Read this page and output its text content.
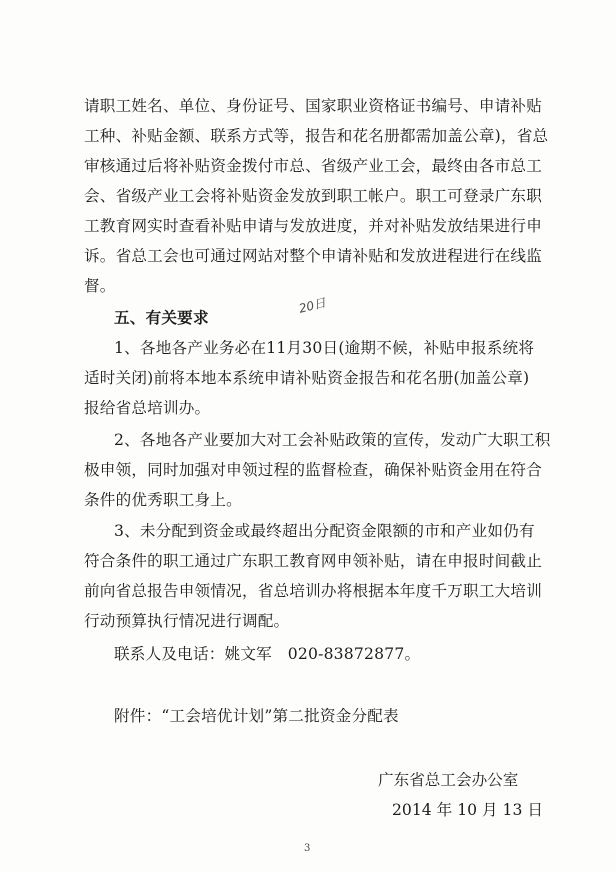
请职工姓名、单位、身份证号、国家职业资格证书编号、申请补贴
工种、补贴金额、联系方式等，报告和花名册都需加盖公章)，省总
审核通过后将补贴资金拨付市总、省级产业工会，最终由各市总工
会、省级产业工会将补贴资金发放到职工帐户。职工可登录广东职
工教育网实时查看补贴申请与发放进度，并对补贴发放结果进行申
诉。省总工会也可通过网站对整个申请补贴和发放进程进行在线监
督。
五、有关要求
20日
1、各地各产业务必在11月30日(逾期不候，补贴申报系统将
适时关闭)前将本地本系统申请补贴资金报告和花名册(加盖公章)
报给省总培训办。
2、各地各产业要加大对工会补贴政策的宣传，发动广大职工积
极申领，同时加强对申领过程的监督检查，确保补贴资金用在符合
条件的优秀职工身上。
3、未分配到资金或最终超出分配资金限额的市和产业如仍有
符合条件的职工通过广东职工教育网申领补贴，请在申报时间截止
前向省总报告申领情况，省总培训办将根据本年度千万职工大培训
行动预算执行情况进行调配。
联系人及电话：姚文军　020-83872877。
附件：“工会培优计划”第二批资金分配表
广东省总工会办公室
2014 年 10 月 13 日
3
